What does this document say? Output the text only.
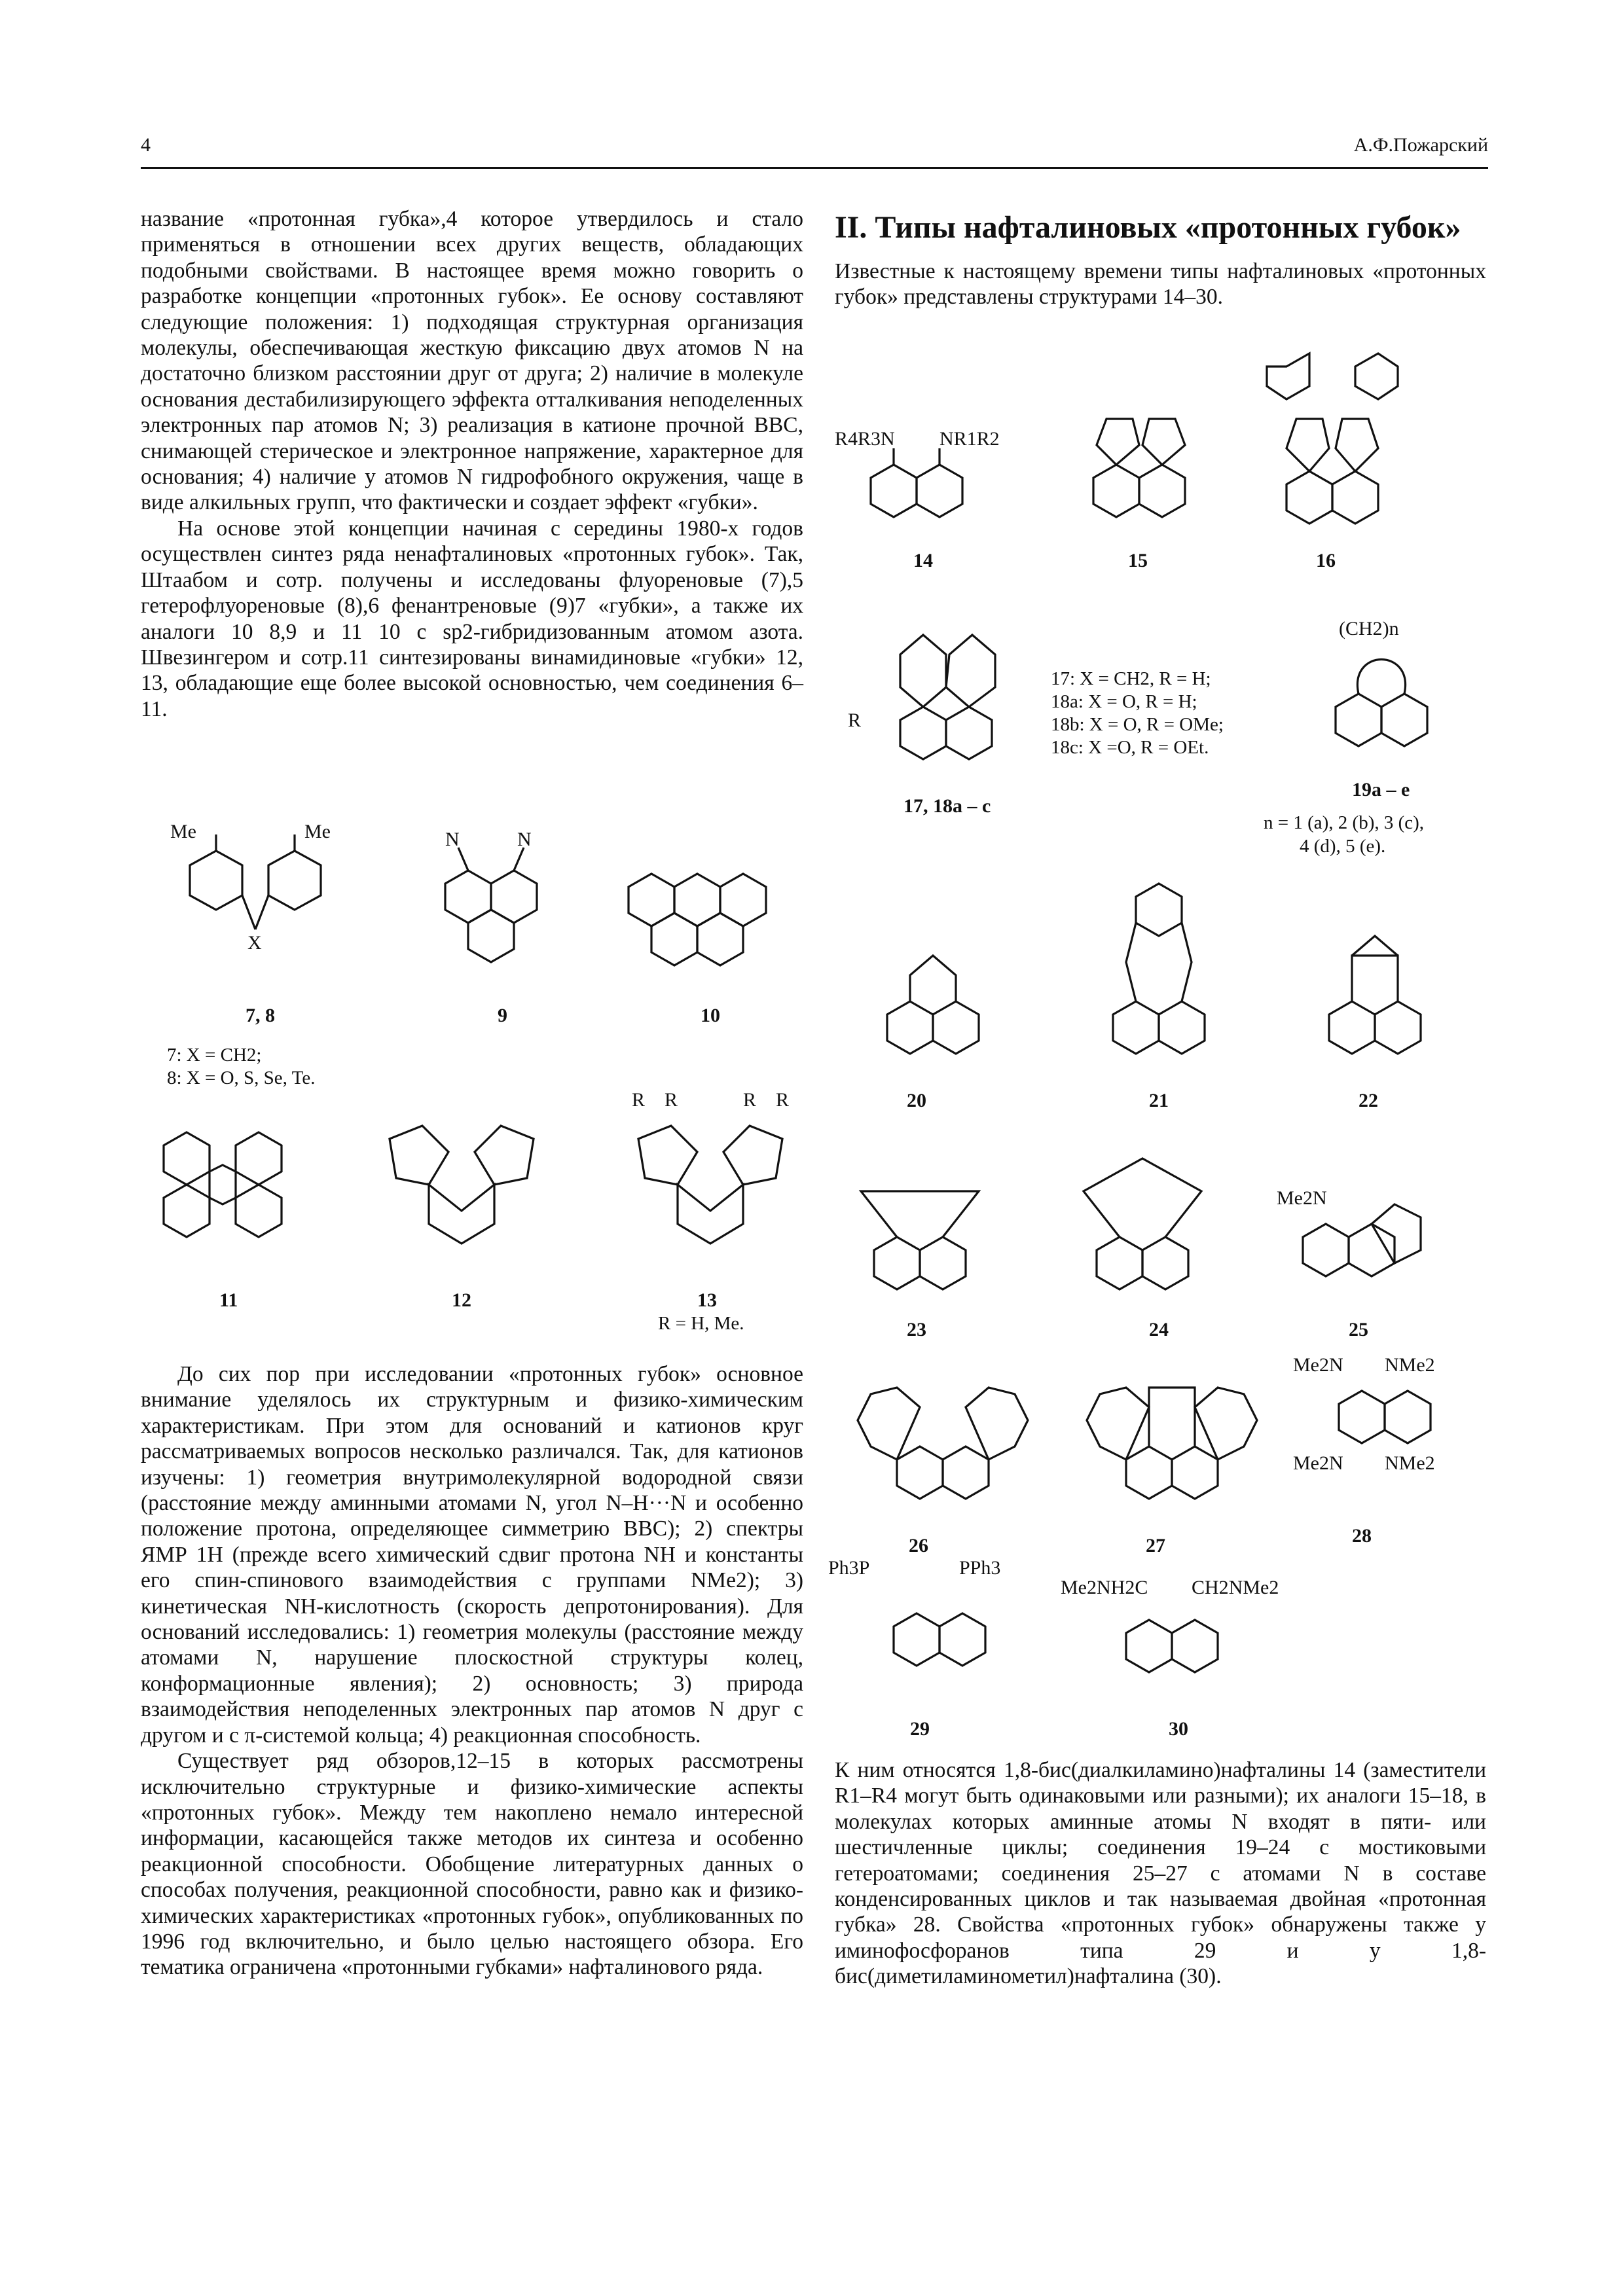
4	А.Ф.Пожарский

название «протонная губка»,4 которое утвердилось и стало применяться в отношении всех других веществ, обладающих подобными свойствами. В настоящее время можно говорить о разработке концепции «протонных губок». Ее основу составляют следующие положения: 1) подходящая структурная организация молекулы, обеспечивающая жесткую фиксацию двух атомов N на достаточно близком расстоянии друг от друга; 2) наличие в молекуле основания дестабилизирующего эффекта отталкивания неподеленных электронных пар атомов N; 3) реализация в катионе прочной ВВС, снимающей стерическое и электронное напряжение, характерное для основания; 4) наличие у атомов N гидрофобного окружения, чаще в виде алкильных групп, что фактически и создает эффект «губки».

На основе этой концепции начиная с середины 1980-х годов осуществлен синтез ряда ненафталиновых «протонных губок». Так, Штаабом и сотр. получены и исследованы флуореновые (7),5 гетерофлуореновые (8),6 фенантреновые (9)7 «губки», а также их аналоги 10 8,9 и 11 10 с sp2-гибридизованным атомом азота. Швезингером и сотр.11 синтезированы винамидиновые «губки» 12, 13, обладающие еще более высокой основностью, чем соединения 6–11.

До сих пор при исследовании «протонных губок» основное внимание уделялось их структурным и физико-химическим характеристикам. При этом для оснований и катионов круг рассматриваемых вопросов несколько различался. Так, для катионов изучены: 1) геометрия внутримолекулярной водородной связи (расстояние между аминными атомами N, угол N–H···N и особенно положение протона, определяющее симметрию ВВС); 2) спектры ЯМР 1H (прежде всего химический сдвиг протона NH и константы его спин-спинового взаимодействия с группами NMe2); 3) кинетическая NH-кислотность (скорость депротонирования). Для оснований исследовались: 1) геометрия молекулы (расстояние между атомами N, нарушение плоскостной структуры колец, конформационные явления); 2) основность; 3) природа взаимодействия неподеленных электронных пар атомов N друг с другом и с π-системой кольца; 4) реакционная способность.

Существует ряд обзоров,12–15 в которых рассмотрены исключительно структурные и физико-химические аспекты «протонных губок». Между тем накоплено немало интересной информации, касающейся также методов их синтеза и особенно реакционной способности. Обобщение литературных данных о способах получения, реакционной способности, равно как и физико-химических характеристиках «протонных губок», опубликованных по 1996 год включительно, и было целью настоящего обзора. Его тематика ограничена «протонными губками» нафталинового ряда.

II. Типы нафталиновых «протонных губок»

Известные к настоящему времени типы нафталиновых «протонных губок» представлены структурами 14–30.

К ним относятся 1,8-бис(диалкиламино)нафталины 14 (заместители R1–R4 могут быть одинаковыми или разными); их аналоги 15–18, в молекулах которых аминные атомы N входят в пяти- или шестичленные циклы; соединения 19–24 с мостиковыми гетероатомами; соединения 25–27 с атомами N в составе конденсированных циклов и так называемая двойная «протонная губка» 28. Свойства «протонных губок» обнаружены также у иминофосфоранов типа 29 и у 1,8-бис(диметиламинометил)нафталина (30).

X
Me	Me
7, 8
7: X = CH2;
8: X = O, S, Se, Te.
N	N
9	10
11	12
R R	R R
13
R = H, Me.
R4R3N NR1R2
14	15	16
R
17, 18a – c
17: X = CH2, R = H;
18a: X = O, R = H;
18b: X = O, R = OMe;
18c: X =O, R = OEt.
(CH2)n
19a – e
n = 1 (a), 2 (b), 3 (c),
4 (d), 5 (e).
20	21	22
23	24
Me2N
25
26	27
Me2N NMe2
Me2N NMe2
28
Ph3P	PPh3
29
Me2NH2C CH2NMe2
30
